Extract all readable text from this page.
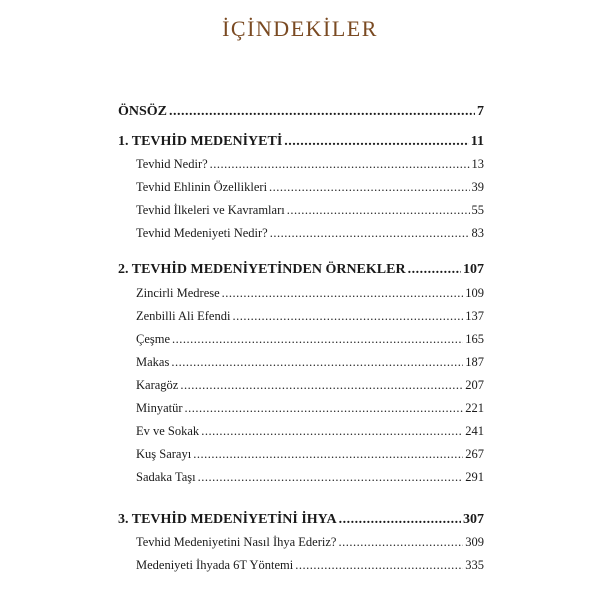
İÇİNDEKİLER
ÖNSÖZ .....	7
1. TEVHİD MEDENİYETİ .....	11
Tevhid Nedir? .....	13
Tevhid Ehlinin Özellikleri .....	39
Tevhid İlkeleri ve Kavramları .....	55
Tevhid Medeniyeti Nedir? .....	83
2. TEVHİD MEDENİYETİNDEN ÖRNEKLER .....	107
Zincirli Medrese .....	109
Zenbilli Ali Efendi .....	137
Çeşme .....	165
Makas .....	187
Karagöz .....	207
Minyatür .....	221
Ev ve Sokak .....	241
Kuş Sarayı .....	267
Sadaka Taşı .....	291
3. TEVHİD MEDENİYETİNİ İHYA .....	307
Tevhid Medeniyetini Nasıl İhya Ederiz? .....	309
Medeniyeti İhyada 6T Yöntemi .....	335
